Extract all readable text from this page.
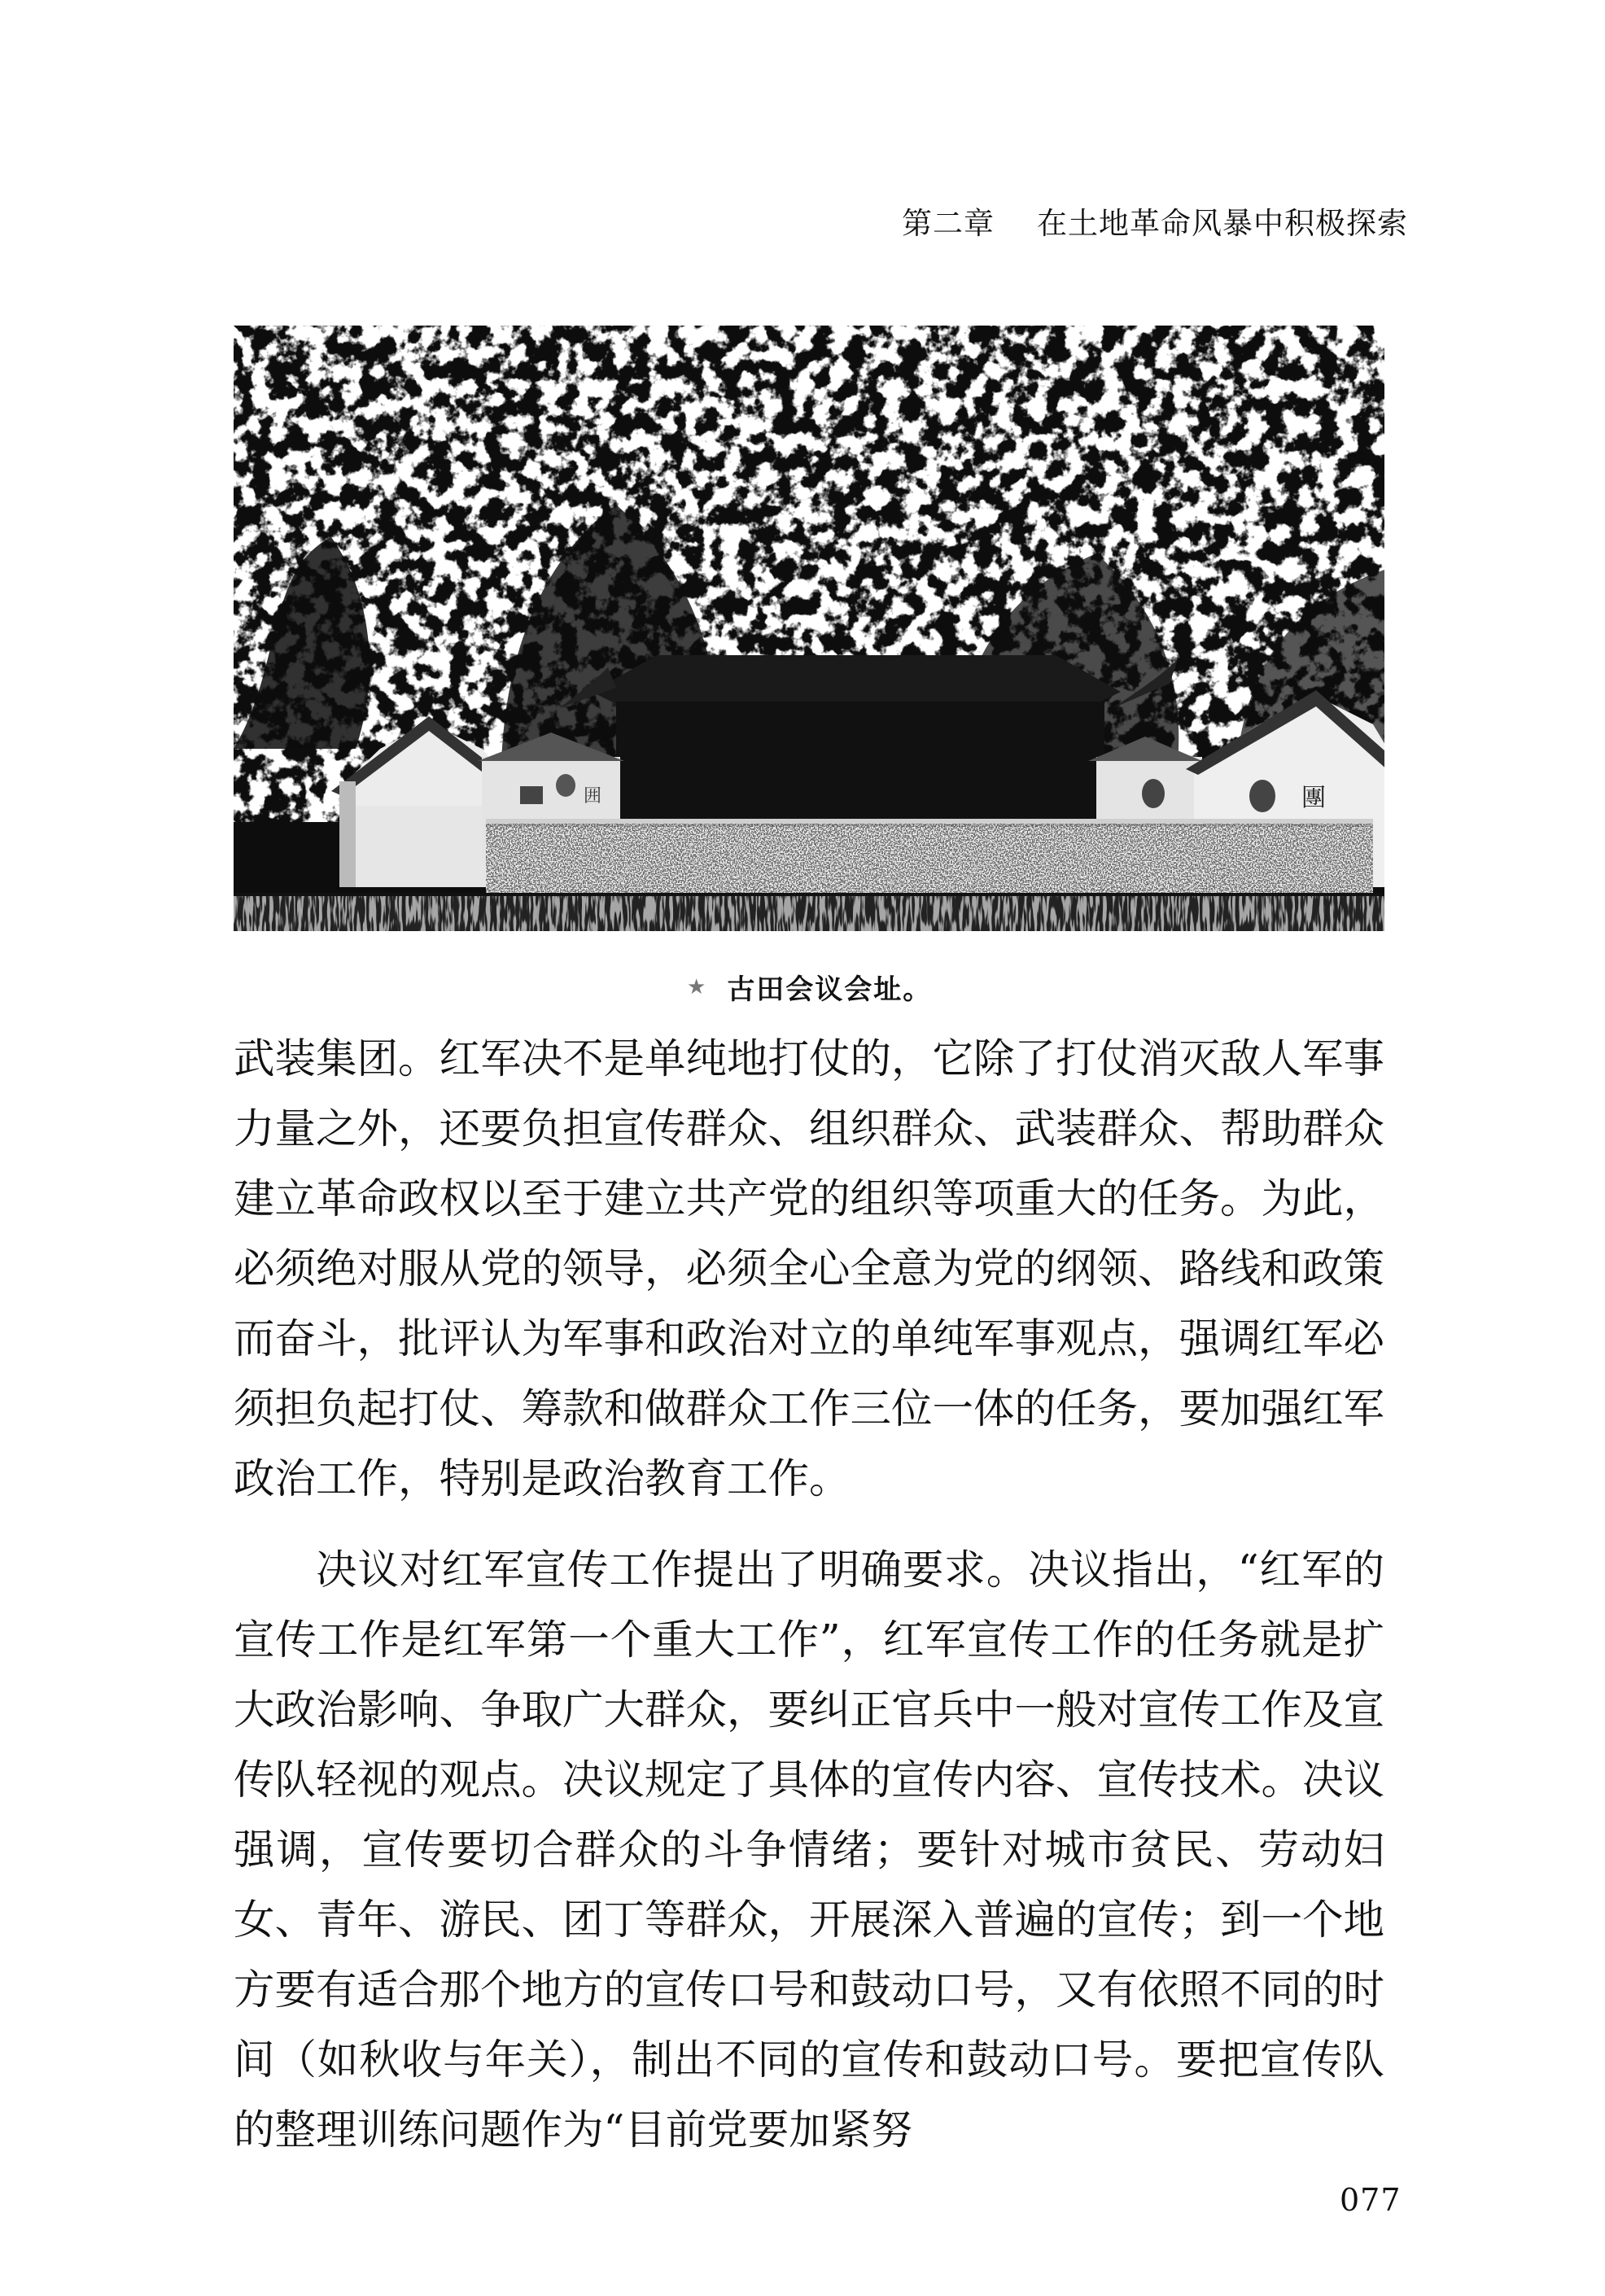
第二章 在土地革命风暴中积极探索
囲	團
★ 古田会议会址。

武装集团。红军决不是单纯地打仗的，它除了打仗消灭敌人军事力量之外，还要负担宣传群众、组织群众、武装群众、帮助群众建立革命政权以至于建立共产党的组织等项重大的任务。为此，必须绝对服从党的领导，必须全心全意为党的纲领、路线和政策而奋斗，批评认为军事和政治对立的单纯军事观点，强调红军必须担负起打仗、筹款和做群众工作三位一体的任务，要加强红军政治工作，特别是政治教育工作。

决议对红军宣传工作提出了明确要求。决议指出，“红军的宣传工作是红军第一个重大工作”，红军宣传工作的任务就是扩大政治影响、争取广大群众，要纠正官兵中一般对宣传工作及宣传队轻视的观点。决议规定了具体的宣传内容、宣传技术。决议强调，宣传要切合群众的斗争情绪；要针对城市贫民、劳动妇女、青年、游民、团丁等群众，开展深入普遍的宣传；到一个地方要有适合那个地方的宣传口号和鼓动口号，又有依照不同的时间（如秋收与年关），制出不同的宣传和鼓动口号。要把宣传队的整理训练问题作为“目前党要加紧努

077
